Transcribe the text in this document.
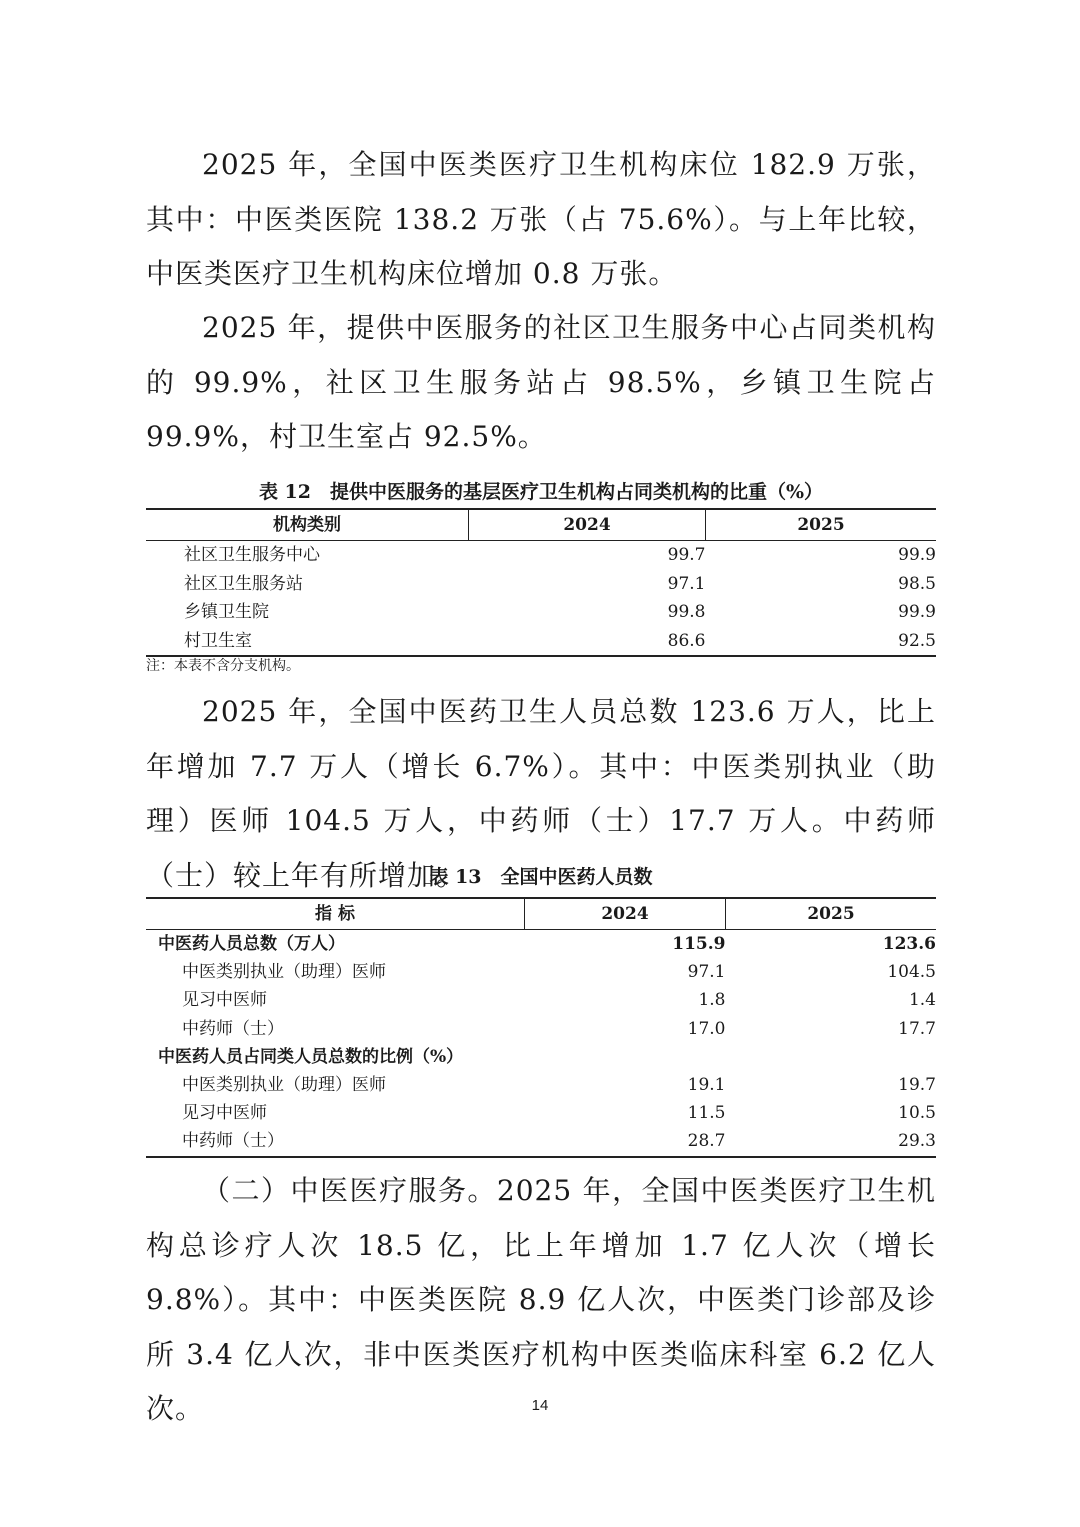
2025 年，全国中医类医疗卫生机构床位 182.9 万张，其中：中医类医院 138.2 万张（占 75.6%）。与上年比较，中医类医疗卫生机构床位增加 0.8 万张。

2025 年，提供中医服务的社区卫生服务中心占同类机构的 99.9%，社区卫生服务站占 98.5%，乡镇卫生院占 99.9%，村卫生室占 92.5%。

表 12　提供中医服务的基层医疗卫生机构占同类机构的比重（%）
机构类别	2024	2025
社区卫生服务中心	99.7	99.9
社区卫生服务站	97.1	98.5
乡镇卫生院	99.8	99.9
村卫生室	86.6	92.5
注：本表不含分支机构。

2025 年，全国中医药卫生人员总数 123.6 万人，比上年增加 7.7 万人（增长 6.7%）。其中：中医类别执业（助理）医师 104.5 万人，中药师（士）17.7 万人。中药师（士）较上年有所增加。

表 13　全国中医药人员数
指 标	2024	2025
中医药人员总数（万人）	115.9	123.6
中医类别执业（助理）医师	97.1	104.5
见习中医师	1.8	1.4
中药师（士）	17.0	17.7
中医药人员占同类人员总数的比例（%）		
中医类别执业（助理）医师	19.1	19.7
见习中医师	11.5	10.5
中药师（士）	28.7	29.3

（二）中医医疗服务。2025 年，全国中医类医疗卫生机构总诊疗人次 18.5 亿，比上年增加 1.7 亿人次（增长 9.8%）。其中：中医类医院 8.9 亿人次，中医类门诊部及诊所 3.4 亿人次，非中医类医疗机构中医类临床科室 6.2 亿人次。	14
